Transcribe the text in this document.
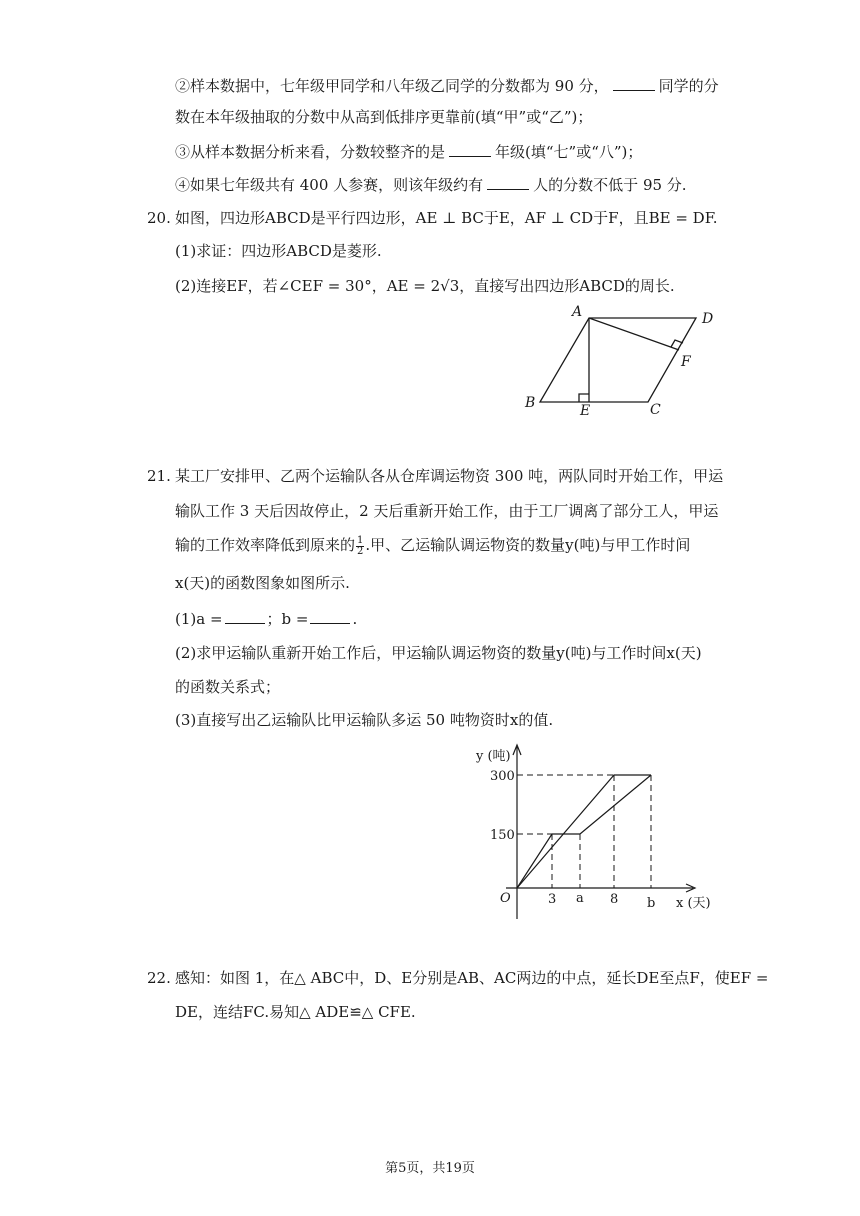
②样本数据中，七年级甲同学和八年级乙同学的分数都为 90 分，	同学的分
数在本年级抽取的分数中从高到低排序更靠前(填“甲”或“乙”)；
③从样本数据分析来看，分数较整齐的是	年级(填“七”或“八”)；
④如果七年级共有 400 人参赛，则该年级约有	人的分数不低于 95 分.
20. 如图，四边形ABCD是平行四边形，AE ⊥ BC于E，AF ⊥ CD于F，且BE = DF.
(1)求证：四边形ABCD是菱形.
(2)连接EF，若∠CEF = 30°，AE = 2√3，直接写出四边形ABCD的周长.
A	D
F
B	E	C
21. 某工厂安排甲、乙两个运输队各从仓库调运物资 300 吨，两队同时开始工作，甲运
输队工作 3 天后因故停止，2 天后重新开始工作，由于工厂调离了部分工人，甲运
输的工作效率降低到原来的 $\frac{1}{2}$ .甲、乙运输队调运物资的数量y(吨)与甲工作时间
x(天)的函数图象如图所示.
(1)a =	；b =	.
(2)求甲运输队重新开始工作后，甲运输队调运物资的数量y(吨)与工作时间x(天)
的函数关系式；
(3)直接写出乙运输队比甲运输队多运 50 吨物资时x的值.
y (吨)
x (天)
O
300
150
3 a 8 b
22. 感知：如图 1，在△ ABC中，D、E分别是AB、AC两边的中点，延长DE至点F，使EF =
DE，连结FC.易知△ ADE≌△ CFE.
第5页，共19页
